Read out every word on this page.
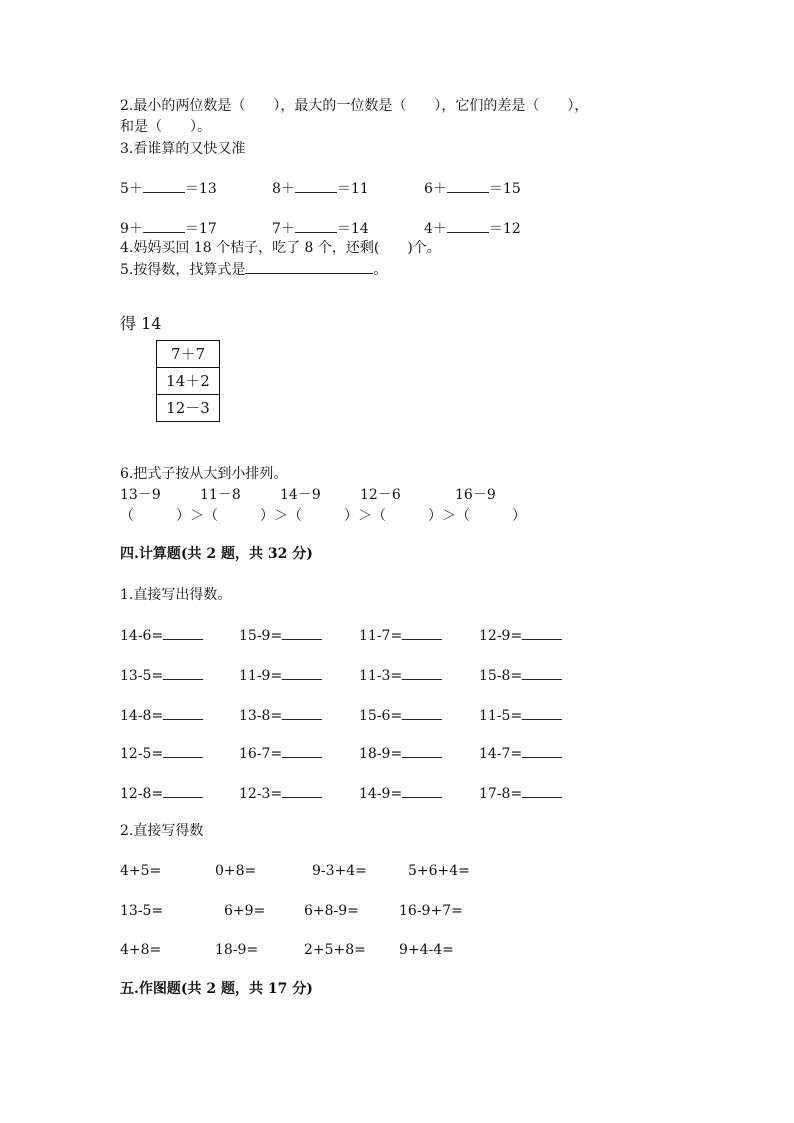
2.最小的两位数是（　　），最大的一位数是（　　），它们的差是（　　），
和是（　　）。
3.看谁算的又快又准
5＋	＝13	8＋	＝11	6＋	＝15
9＋	＝17	7＋	＝14	4＋	＝12
4.妈妈买回 18 个桔子，吃了 8 个，还剩(　　)个。
5.按得数，找算式是	。
得 14
7＋7
14＋2
12－3
6.把式子按从大到小排列。
13－9	11－8	14－9	12－6	16－9
（　　　）＞（　　　）＞（　　　）＞（　　　）＞（　　　）
四.计算题(共 2 题，共 32 分)
1.直接写出得数。
14-6=	15-9=	11-7=	12-9=
13-5=	11-9=	11-3=	15-8=
14-8=	13-8=	15-6=	11-5=
12-5=	16-7=	18-9=	14-7=
12-8=	12-3=	14-9=	17-8=
2.直接写得数
4+5=	0+8=	9-3+4=	5+6+4=
13-5=	6+9=	6+8-9=	16-9+7=
4+8=	18-9=	2+5+8= 9+4-4=
五.作图题(共 2 题，共 17 分)
